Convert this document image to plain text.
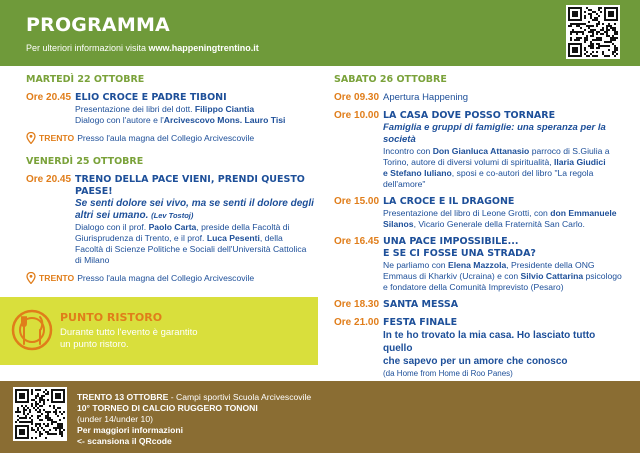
PROGRAMMA
Per ulteriori informazioni visita www.happeningtrentino.it
MARTEDÌ 22 OTTOBRE
Ore 20.45 ELIO CROCE E PADRE TIBONI
Presentazione dei libri del dott. Filippo Ciantia
Dialogo con l'autore e l'Arcivescovo Mons. Lauro Tisi
TRENTO Presso l'aula magna del Collegio Arcivescovile
VENERDÌ 25 OTTOBRE
Ore 20.45 TRENO DELLA PACE VIENI, PRENDI QUESTO PAESE!
Se senti dolore sei vivo, ma se senti il dolore degli
altri sei umano. (Lev Tostoj)
Dialogo con il prof. Paolo Carta, preside della Facoltà di
Giurisprudenza di Trento, e il prof. Luca Pesenti, della
Facoltà di Scienze Politiche e Sociali dell'Università Cattolica
di Milano
TRENTO Presso l'aula magna del Collegio Arcivescovile
PUNTO RISTORO
Durante tutto l'evento è garantito
un punto ristoro.
SABATO 26 OTTOBRE
Ore 09.30 Apertura Happening
Ore 10.00 LA CASA DOVE POSSO TORNARE
Famiglia e gruppi di famiglie: una speranza per la società
Incontro con Don Gianluca Attanasio parroco di S.Giulia a
Torino, autore di diversi volumi di spiritualità, Ilaria Giudici
e Stefano Iuliano, sposi e co-autori del libro "La regola
dell'amore"
Ore 15.00 LA CROCE E IL DRAGONE
Presentazione del libro di Leone Grotti, con don Emmanuele
Silanos, Vicario Generale della Fraternità San Carlo.
Ore 16.45 UNA PACE IMPOSSIBILE...
E SE CI FOSSE UNA STRADA?
Ne parliamo con Elena Mazzola, Presidente della ONG
Emmaus di Kharkiv (Ucraina) e con Silvio Cattarina psicologo
e fondatore della Comunità Imprevisto (Pesaro)
Ore 18.30 SANTA MESSA
Ore 21.00 FESTA FINALE
In te ho trovato la mia casa. Ho lasciato tutto quello
che sapevo per un amore che conosco
(da Home from Home di Roo Panes)
TRENTO 13 OTTOBRE - Campi sportivi Scuola Arcivescovile
10° TORNEO DI CALCIO RUGGERO TONONI
(under 14/under 10)
Per maggiori informazioni
<- scansiona il QRcode
